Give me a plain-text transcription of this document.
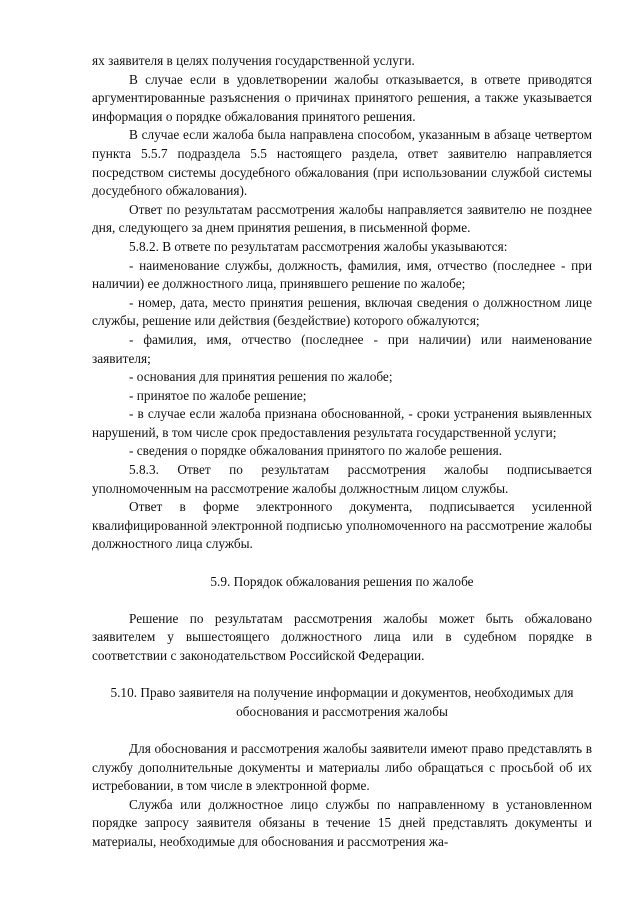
ях заявителя в целях получения государственной услуги.

В случае если в удовлетворении жалобы отказывается, в ответе приводятся аргументированные разъяснения о причинах принятого решения, а также указывается информация о порядке обжалования принятого решения.

В случае если жалоба была направлена способом, указанным в абзаце четвертом пункта 5.5.7 подраздела 5.5 настоящего раздела, ответ заявителю направляется посредством системы досудебного обжалования (при использовании службой системы досудебного обжалования).

Ответ по результатам рассмотрения жалобы направляется заявителю не позднее дня, следующего за днем принятия решения, в письменной форме.

5.8.2. В ответе по результатам рассмотрения жалобы указываются:

- наименование службы, должность, фамилия, имя, отчество (последнее - при наличии) ее должностного лица, принявшего решение по жалобе;

- номер, дата, место принятия решения, включая сведения о должностном лице службы, решение или действия (бездействие) которого обжалуются;

- фамилия, имя, отчество (последнее - при наличии) или наименование заявителя;

- основания для принятия решения по жалобе;

- принятое по жалобе решение;

- в случае если жалоба признана обоснованной, - сроки устранения выявленных нарушений, в том числе срок предоставления результата государственной услуги;

- сведения о порядке обжалования принятого по жалобе решения.

5.8.3. Ответ по результатам рассмотрения жалобы подписывается уполномоченным на рассмотрение жалобы должностным лицом службы.

Ответ в форме электронного документа, подписывается усиленной квалифицированной электронной подписью уполномоченного на рассмотрение жалобы должностного лица службы.

5.9. Порядок обжалования решения по жалобе

Решение по результатам рассмотрения жалобы может быть обжаловано заявителем у вышестоящего должностного лица или в судебном порядке в соответствии с законодательством Российской Федерации.

5.10. Право заявителя на получение информации и документов, необходимых для обоснования и рассмотрения жалобы

Для обоснования и рассмотрения жалобы заявители имеют право представлять в службу дополнительные документы и материалы либо обращаться с просьбой об их истребовании, в том числе в электронной форме.

Служба или должностное лицо службы по направленному в установленном порядке запросу заявителя обязаны в течение 15 дней представлять документы и материалы, необходимые для обоснования и рассмотрения жа-
